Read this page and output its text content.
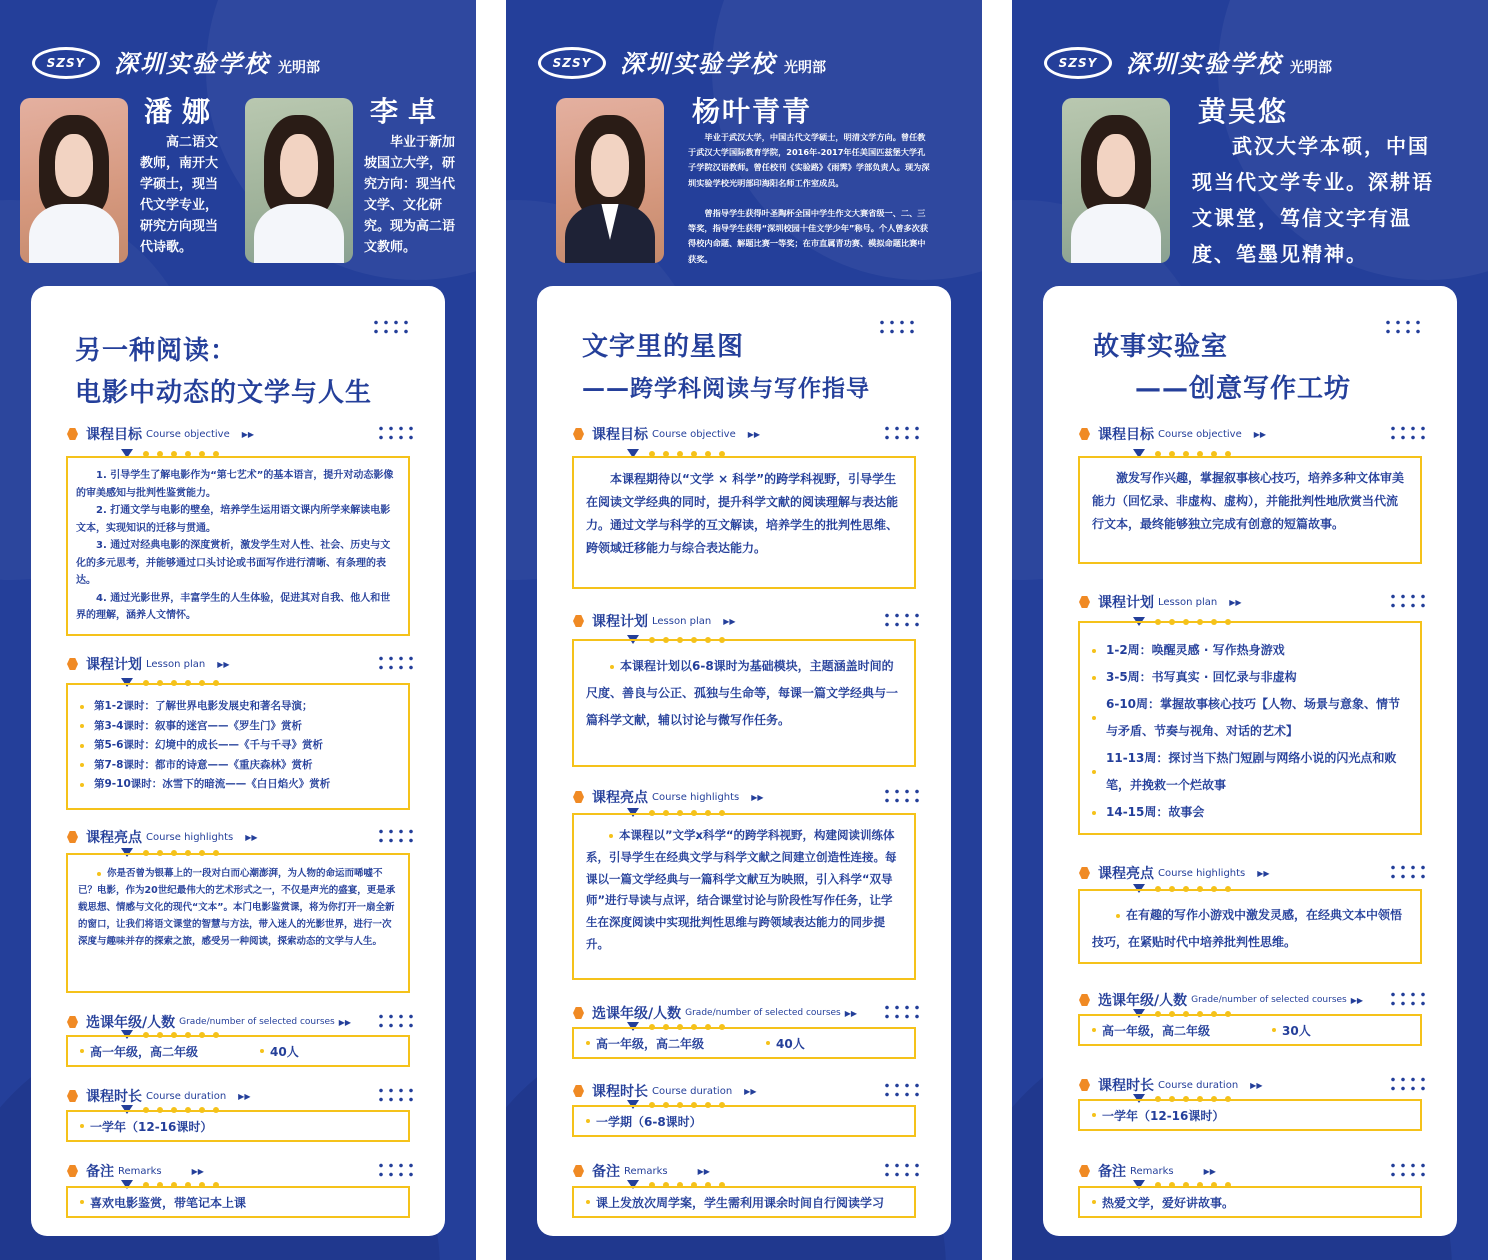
SZSY	深圳实验学校 光明部
潘娜
高二语文教师，南开大学硕士，现当代文学专业，研究方向现当代诗歌。
李卓
毕业于新加坡国立大学，研究方向：现当代文学、文化研究。现为高二语文教师。
另一种阅读：
电影中动态的文学与人生
课程目标 Course objective ▶▶

1. 引导学生了解电影作为“第七艺术”的基本语言，提升对动态影像的审美感知与批判性鉴赏能力。

2. 打通文学与电影的壁垒，培养学生运用语文课内所学来解读电影文本，实现知识的迁移与贯通。

3. 通过对经典电影的深度赏析，激发学生对人性、社会、历史与文化的多元思考，并能够通过口头讨论或书面写作进行清晰、有条理的表达。

4. 通过光影世界，丰富学生的人生体验，促进其对自我、他人和世界的理解，涵养人文情怀。

课程计划 Lesson plan ▶▶
第1-2课时：了解世界电影发展史和著名导演；
第3-4课时：叙事的迷宫——《罗生门》赏析
第5-6课时：幻境中的成长——《千与千寻》赏析
第7-8课时：都市的诗意——《重庆森林》赏析
第9-10课时：冰雪下的暗流——《白日焰火》赏析
课程亮点 Course highlights ▶▶

你是否曾为银幕上的一段对白而心潮澎湃，为人物的命运而唏嘘不已？电影，作为20世纪最伟大的艺术形式之一，不仅是声光的盛宴，更是承载思想、情感与文化的现代“文本”。本门电影鉴赏课，将为你打开一扇全新的窗口，让我们将语文课堂的智慧与方法，带入迷人的光影世界，进行一次深度与趣味并存的探索之旅，感受另一种阅读，探索动态的文学与人生。

选课年级/人数 Grade/number of selected courses ▶▶
高一年级，高二年级	40人
课程时长 Course duration ▶▶
一学年（12-16课时）
备注 Remarks	▶▶
喜欢电影鉴赏，带笔记本上课
SZSY	深圳实验学校 光明部
杨叶青青
毕业于武汉大学，中国古代文学硕士，明清文学方向。曾任教于武汉大学国际教育学院，2016年-2017年任美国匹兹堡大学孔子学院汉语教师。曾任校刊《实验路》《雨霁》学部负责人。现为深圳实验学校光明部印海阳名师工作室成员。
曾指导学生获得叶圣陶杯全国中学生作文大赛省级一、二、三等奖，指导学生获得“深圳校园十佳文学少年”称号。个人曾多次获得校内命题、解题比赛一等奖；在市直属青功赛、模拟命题比赛中获奖。
文字里的星图
——跨学科阅读与写作指导
课程目标 Course objective ▶▶

本课程期待以“文学 × 科学”的跨学科视野，引导学生在阅读文学经典的同时，提升科学文献的阅读理解与表达能力。通过文学与科学的互文解读，培养学生的批判性思维、跨领域迁移能力与综合表达能力。

课程计划 Lesson plan ▶▶

本课程计划以6-8课时为基础模块，主题涵盖时间的尺度、善良与公正、孤独与生命等，每课一篇文学经典与一篇科学文献，辅以讨论与微写作任务。

课程亮点 Course highlights ▶▶

本课程以”文学x科学“的跨学科视野，构建阅读训练体系，引导学生在经典文学与科学文献之间建立创造性连接。每课以一篇文学经典与一篇科学文献互为映照，引入科学“双导师”进行导读与点评，结合课堂讨论与阶段性写作任务，让学生在深度阅读中实现批判性思维与跨领域表达能力的同步提升。

选课年级/人数 Grade/number of selected courses ▶▶
高一年级，高二年级	40人
课程时长 Course duration ▶▶
一学期（6-8课时）
备注 Remarks	▶▶
课上发放次周学案，学生需利用课余时间自行阅读学习
SZSY	深圳实验学校 光明部
黄吴悠
武汉大学本硕，中国现当代文学专业。深耕语文课堂，笃信文字有温度、笔墨见精神。
故事实验室
——创意写作工坊
课程目标 Course objective ▶▶

激发写作兴趣，掌握叙事核心技巧，培养多种文体审美能力（回忆录、非虚构、虚构），并能批判性地欣赏当代流行文本，最终能够独立完成有创意的短篇故事。

课程计划 Lesson plan ▶▶
1-2周：唤醒灵感 · 写作热身游戏
3-5周：书写真实 · 回忆录与非虚构
6-10周：掌握故事核心技巧【人物、场景与意象、情节与矛盾、节奏与视角、对话的艺术】
11-13周：探讨当下热门短剧与网络小说的闪光点和败笔，并挽救一个烂故事
14-15周：故事会
课程亮点 Course highlights ▶▶

在有趣的写作小游戏中激发灵感，在经典文本中领悟技巧，在紧贴时代中培养批判性思维。

选课年级/人数 Grade/number of selected courses ▶▶
高一年级，高二年级	30人
课程时长 Course duration ▶▶
一学年（12-16课时）
备注 Remarks	▶▶
热爱文学，爱好讲故事。
